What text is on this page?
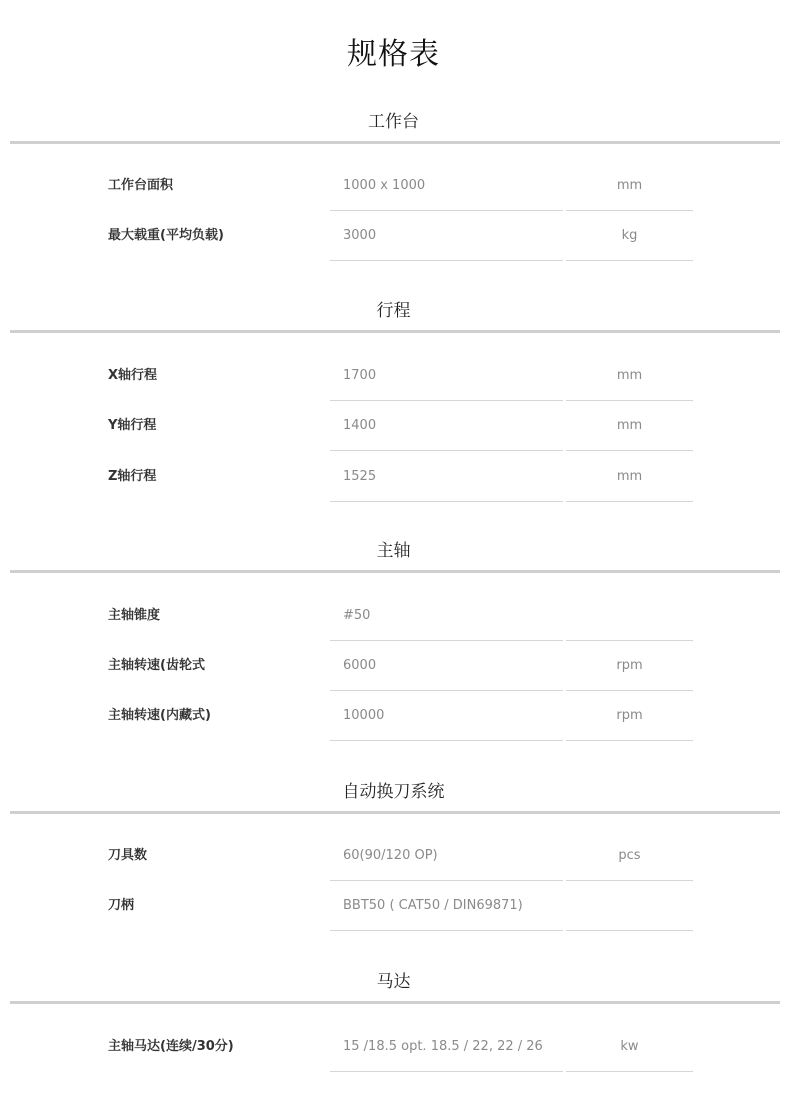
规格表
工作台
工作台面积	1000 x 1000	mm
最大载重(平均负载)	3000	kg
行程
X轴行程	1700	mm
Y轴行程	1400	mm
Z轴行程	1525	mm
主轴
主轴锥度	#50
主轴转速(齿轮式	6000	rpm
主轴转速(内藏式)	10000	rpm
自动换刀系统
刀具数	60(90/120 OP)	pcs
刀柄	BBT50 ( CAT50 / DIN69871)
马达
主轴马达(连续/30分)	15 /18.5 opt. 18.5 / 22, 22 / 26	kw
